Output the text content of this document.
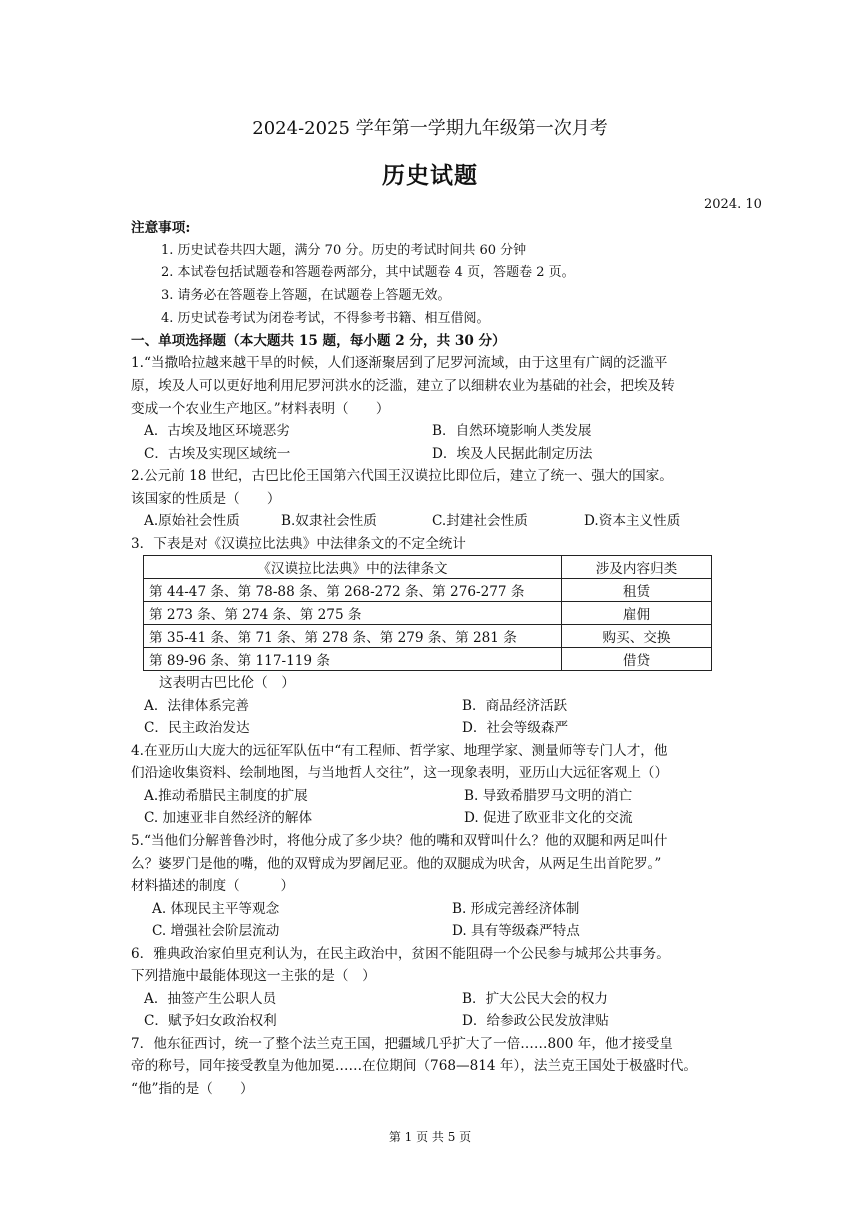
2024-2025 学年第一学期九年级第一次月考
历史试题
2024. 10
注意事项:
1. 历史试卷共四大题，满分 70 分。历史的考试时间共 60 分钟
2. 本试卷包括试题卷和答题卷两部分，其中试题卷 4 页，答题卷 2 页。
3. 请务必在答题卷上答题，在试题卷上答题无效。
4. 历史试卷考试为闭卷考试，不得参考书籍、相互借阅。
一、单项选择题（本大题共 15 题，每小题 2 分，共 30 分）
1.“当撒哈拉越来越干旱的时候，人们逐渐聚居到了尼罗河流域，由于这里有广阔的泛滥平
原，埃及人可以更好地利用尼罗河洪水的泛滥，建立了以细耕农业为基础的社会，把埃及转
变成一个农业生产地区。”材料表明（　　）
A．古埃及地区环境恶劣	B．自然环境影响人类发展
C．古埃及实现区域统一	D．埃及人民据此制定历法
2.公元前 18 世纪，古巴比伦王国第六代国王汉谟拉比即位后，建立了统一、强大的国家。
该国家的性质是（　　）
A.原始社会性质	B.奴隶社会性质	C.封建社会性质	D.资本主义性质
3．下表是对《汉谟拉比法典》中法律条文的不定全统计
《汉谟拉比法典》中的法律条文	涉及内容归类
第 44-47 条、第 78-88 条、第 268-272 条、第 276-277 条	租赁
第 273 条、第 274 条、第 275 条	雇佣
第 35-41 条、第 71 条、第 278 条、第 279 条、第 281 条	购买、交换
第 89-96 条、第 117-119 条	借贷
这表明古巴比伦（　）
A．法律体系完善	B．商品经济活跃
C．民主政治发达	D．社会等级森严
4.在亚历山大庞大的远征军队伍中“有工程师、哲学家、地理学家、测量师等专门人才，他
们沿途收集资料、绘制地图，与当地哲人交往”，这一现象表明，亚历山大远征客观上（）
A.推动希腊民主制度的扩展	B. 导致希腊罗马文明的消亡
C. 加速亚非自然经济的解体	D. 促进了欧亚非文化的交流
5.“当他们分解普鲁沙时，将他分成了多少块？他的嘴和双臂叫什么？他的双腿和两足叫什
么？婆罗门是他的嘴，他的双臂成为罗阇尼亚。他的双腿成为吠舍，从两足生出首陀罗。”
材料描述的制度（　　　）
A. 体现民主平等观念	B. 形成完善经济体制
C. 增强社会阶层流动	D. 具有等级森严特点
6．雅典政治家伯里克利认为，在民主政治中，贫困不能阻碍一个公民参与城邦公共事务。
下列措施中最能体现这一主张的是（　）
A．抽签产生公职人员	B．扩大公民大会的权力
C．赋予妇女政治权利	D．给参政公民发放津贴
7．他东征西讨，统一了整个法兰克王国，把疆域几乎扩大了一倍……800 年，他才接受皇
帝的称号，同年接受教皇为他加冕……在位期间（768—814 年），法兰克王国处于极盛时代。
“他”指的是（　　）
第 1 页 共 5 页
